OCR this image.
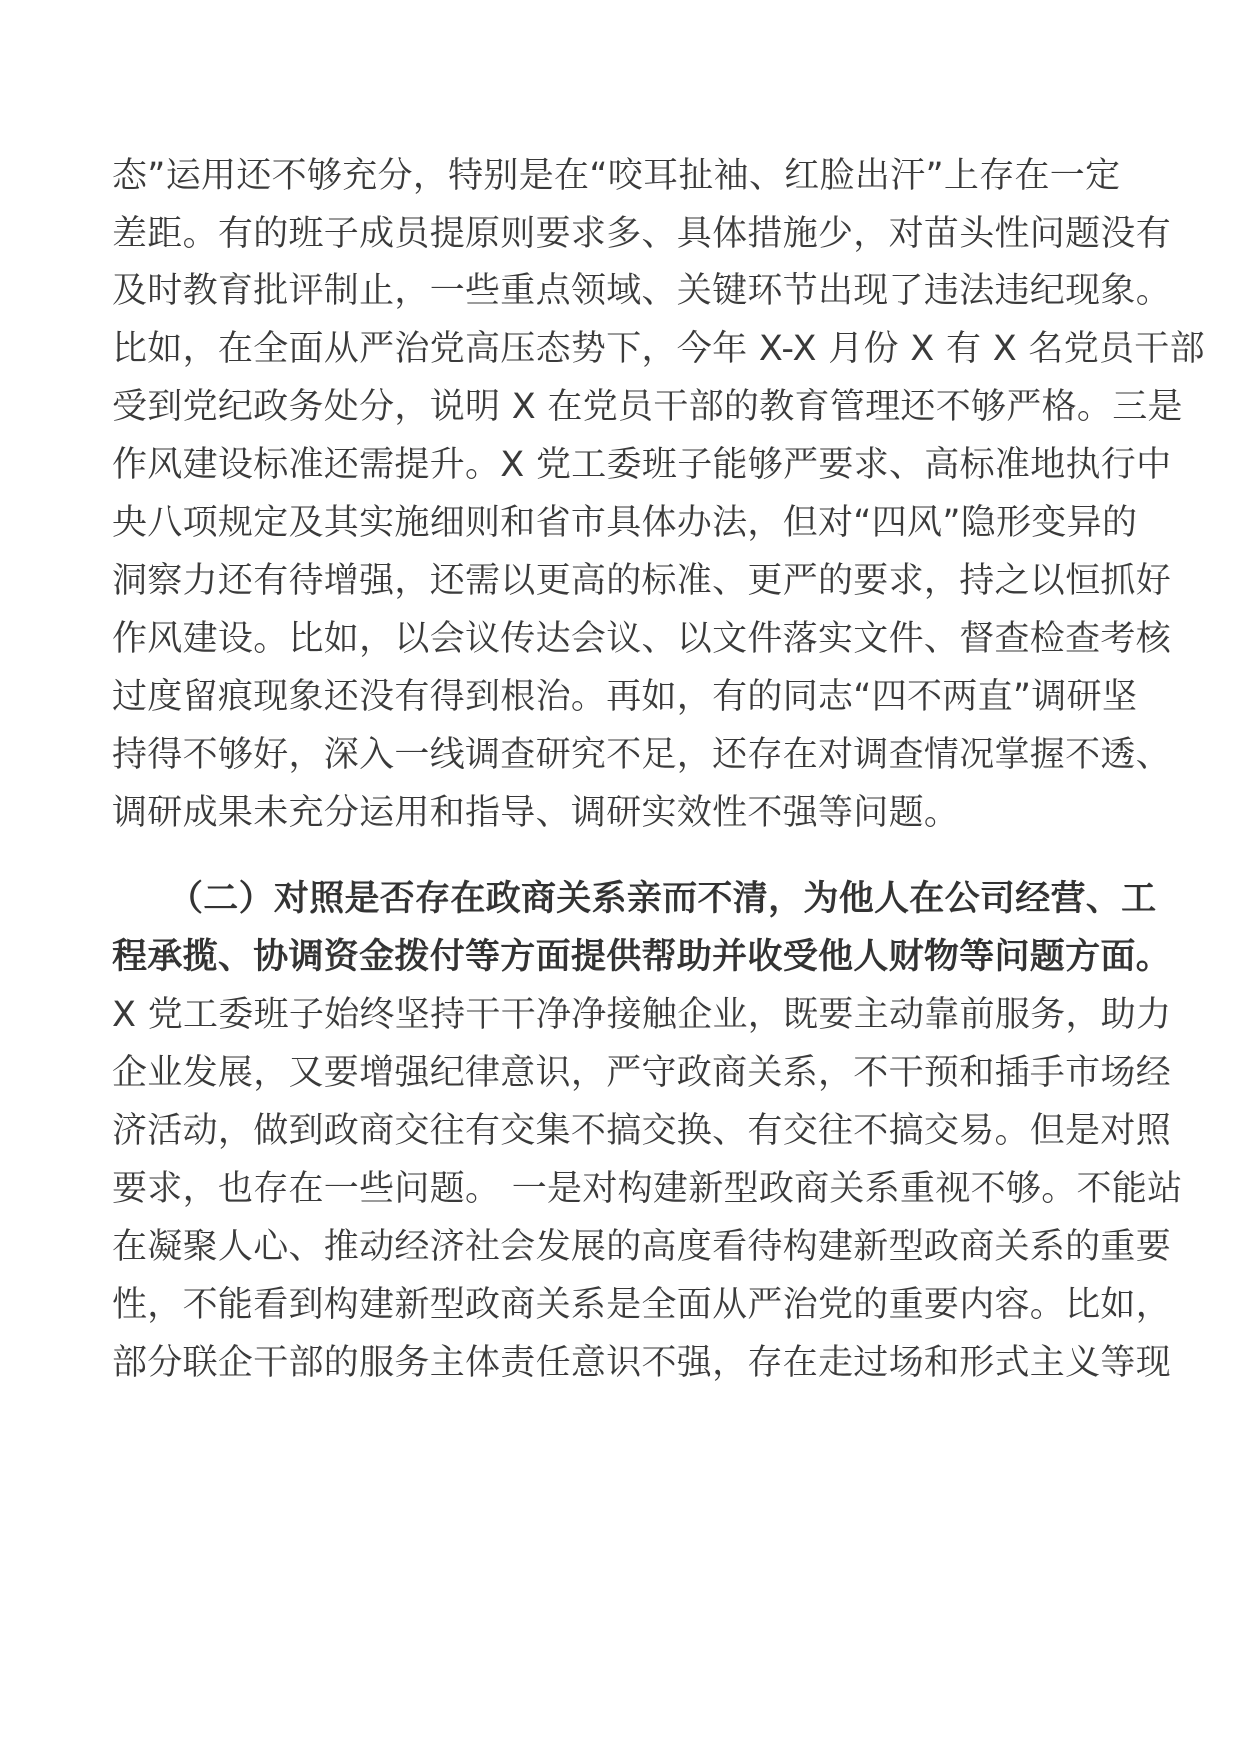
态”运用还不够充分，特别是在“咬耳扯袖、红脸出汗”上存在一定
差距。有的班子成员提原则要求多、具体措施少，对苗头性问题没有
及时教育批评制止，一些重点领域、关键环节出现了违法违纪现象。
比如，在全面从严治党高压态势下，今年 X-X 月份 X 有 X 名党员干部
受到党纪政务处分，说明 X 在党员干部的教育管理还不够严格。三是
作风建设标准还需提升。X 党工委班子能够严要求、高标准地执行中
央八项规定及其实施细则和省市具体办法，但对“四风”隐形变异的
洞察力还有待增强，还需以更高的标准、更严的要求，持之以恒抓好
作风建设。比如，以会议传达会议、以文件落实文件、督查检查考核
过度留痕现象还没有得到根治。再如，有的同志“四不两直”调研坚
持得不够好，深入一线调查研究不足，还存在对调查情况掌握不透、
调研成果未充分运用和指导、调研实效性不强等问题。
（二）对照是否存在政商关系亲而不清，为他人在公司经营、工
程承揽、协调资金拨付等方面提供帮助并收受他人财物等问题方面。
X 党工委班子始终坚持干干净净接触企业，既要主动靠前服务，助力
企业发展，又要增强纪律意识，严守政商关系，不干预和插手市场经
济活动，做到政商交往有交集不搞交换、有交往不搞交易。但是对照
要求，也存在一些问题。 一是对构建新型政商关系重视不够。不能站
在凝聚人心、推动经济社会发展的高度看待构建新型政商关系的重要
性，不能看到构建新型政商关系是全面从严治党的重要内容。比如，
部分联企干部的服务主体责任意识不强，存在走过场和形式主义等现
